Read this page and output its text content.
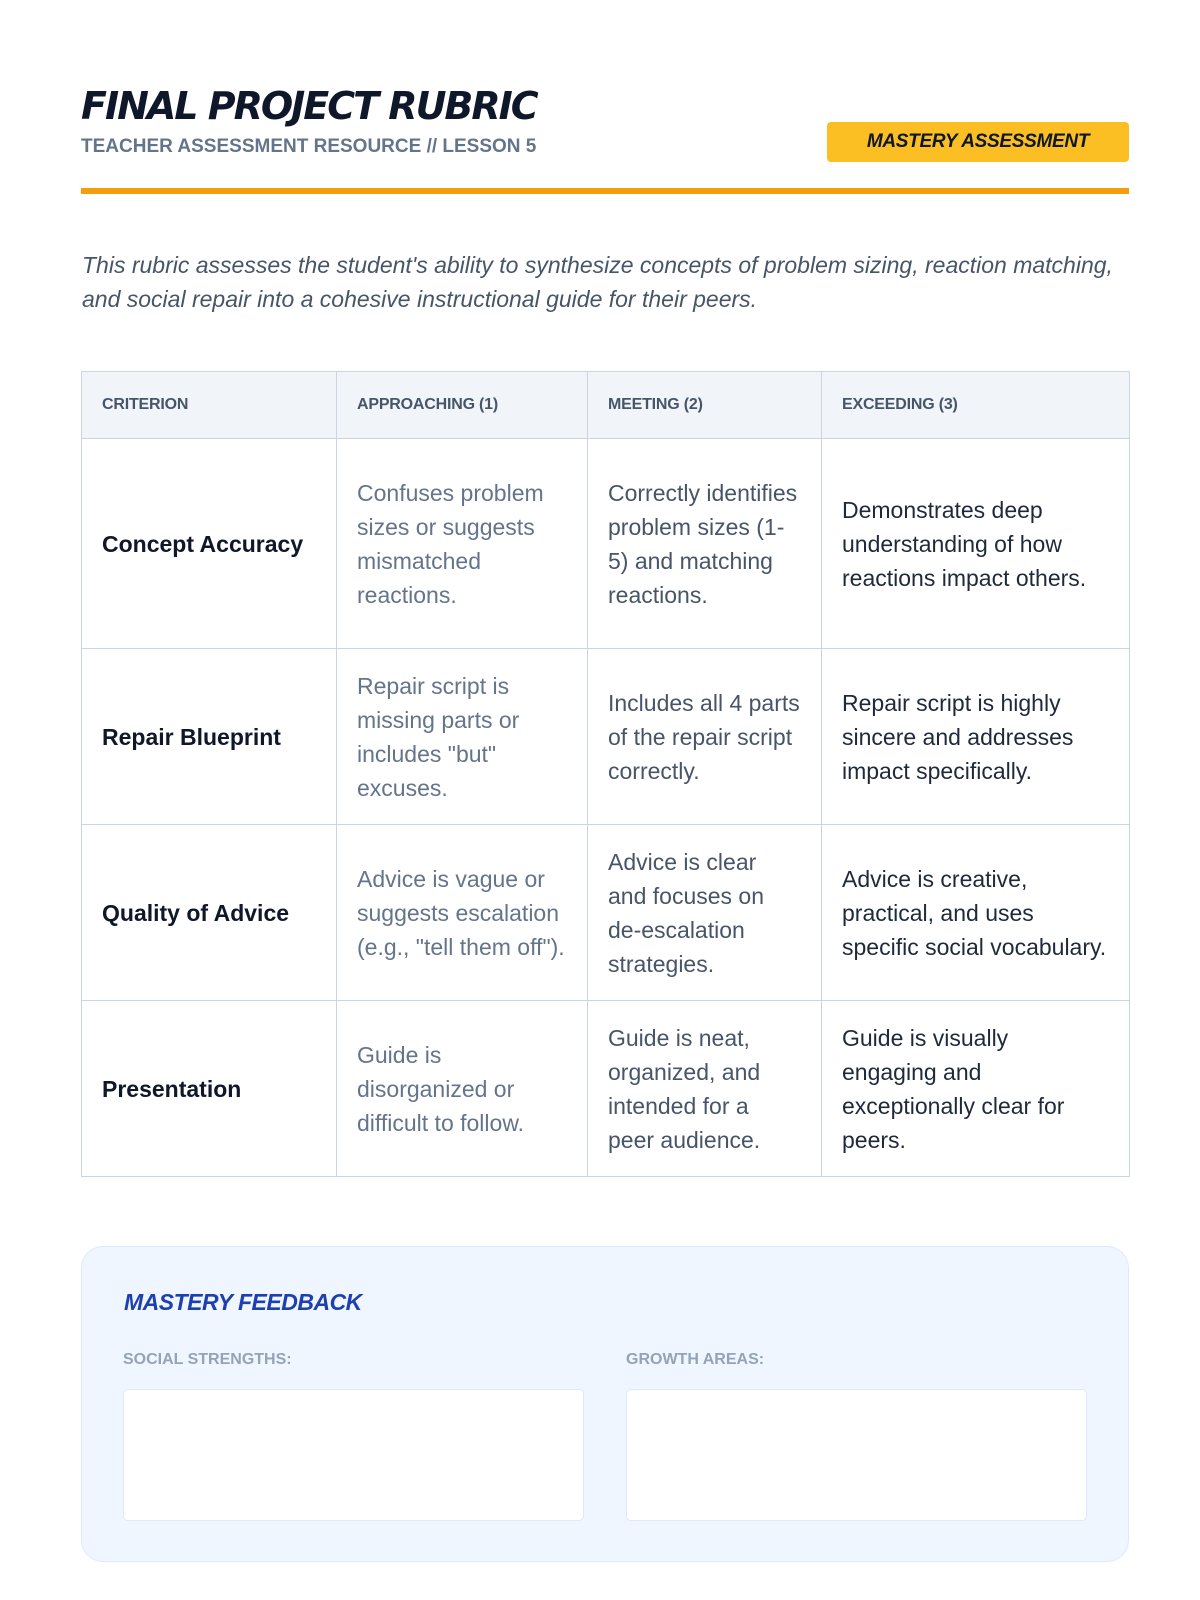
FINAL PROJECT RUBRIC
TEACHER ASSESSMENT RESOURCE // LESSON 5	MASTERY ASSESSMENT

This rubric assesses the student's ability to synthesize concepts of problem sizing, reaction matching, and social repair into a cohesive instructional guide for their peers.

CRITERION	APPROACHING (1)	MEETING (2)	EXCEEDING (3)
Concept Accuracy	Confuses problem sizes or suggests mismatched reactions.	Correctly identifies problem sizes (1-5) and matching reactions.	Demonstrates deep understanding of how reactions impact others.
Repair Blueprint	Repair script is missing parts or includes "but" excuses.	Includes all 4 parts of the repair script correctly.	Repair script is highly sincere and addresses impact specifically.
Quality of Advice	Advice is vague or suggests escalation (e.g., "tell them off").	Advice is clear and focuses on de-escalation strategies.	Advice is creative, practical, and uses specific social vocabulary.
Presentation	Guide is disorganized or difficult to follow.	Guide is neat, organized, and intended for a peer audience.	Guide is visually engaging and exceptionally clear for peers.
MASTERY FEEDBACK
SOCIAL STRENGTHS:	GROWTH AREAS:
